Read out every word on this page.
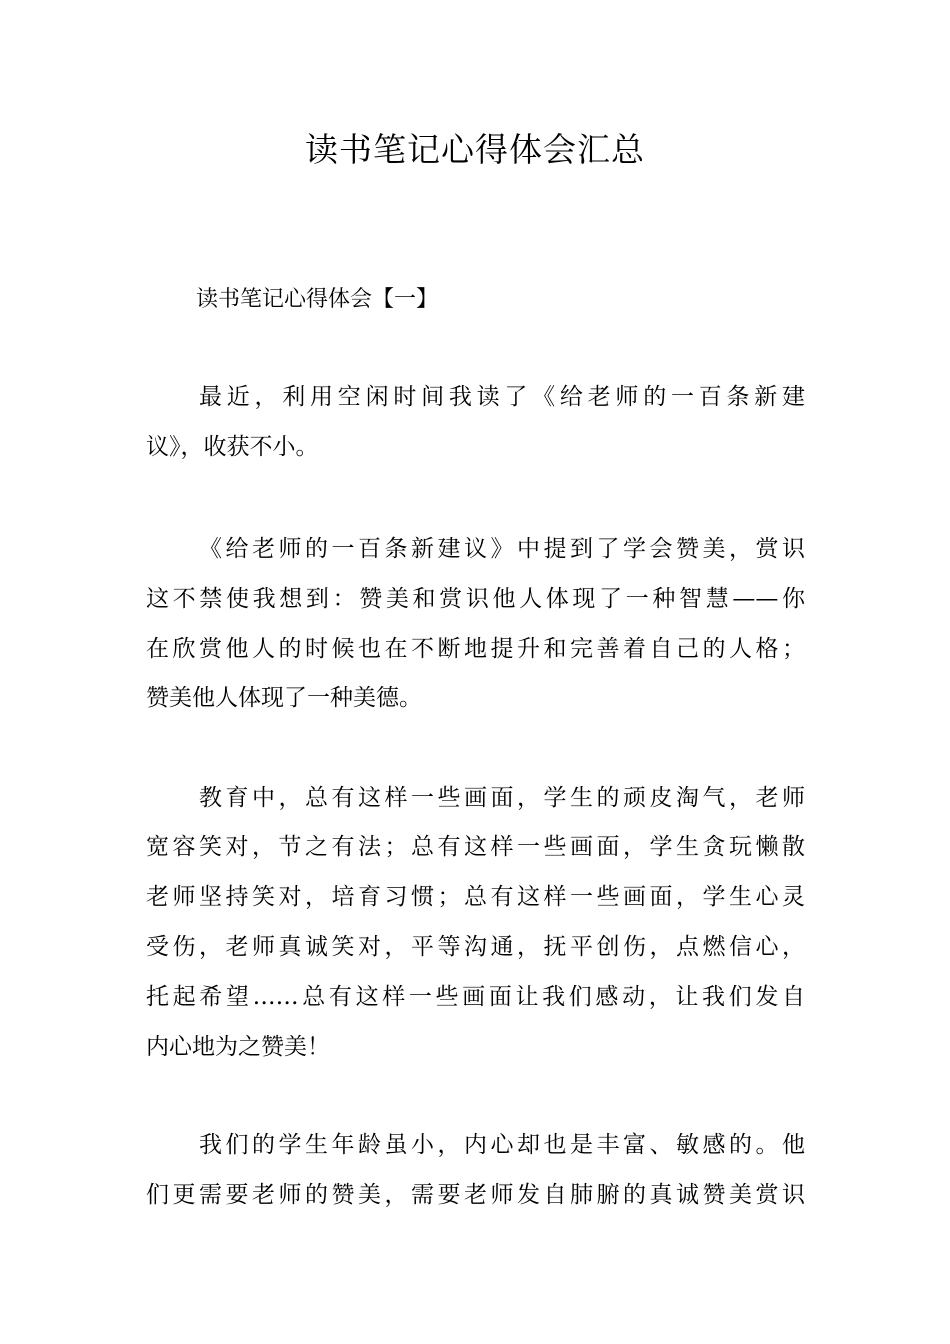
读书笔记心得体会汇总
读书笔记心得体会【一】
最近，利用空闲时间我读了《给老师的一百条新建
议》，收获不小。
《给老师的一百条新建议》中提到了学会赞美，赏识
这不禁使我想到：赞美和赏识他人体现了一种智慧——你
在欣赏他人的时候也在不断地提升和完善着自己的人格；
赞美他人体现了一种美德。
教育中，总有这样一些画面，学生的顽皮淘气，老师
宽容笑对，节之有法；总有这样一些画面，学生贪玩懒散
老师坚持笑对，培育习惯；总有这样一些画面，学生心灵
受伤，老师真诚笑对，平等沟通，抚平创伤，点燃信心，
托起希望……总有这样一些画面让我们感动，让我们发自
内心地为之赞美！
我们的学生年龄虽小，内心却也是丰富、敏感的。他
们更需要老师的赞美，需要老师发自肺腑的真诚赞美赏识
